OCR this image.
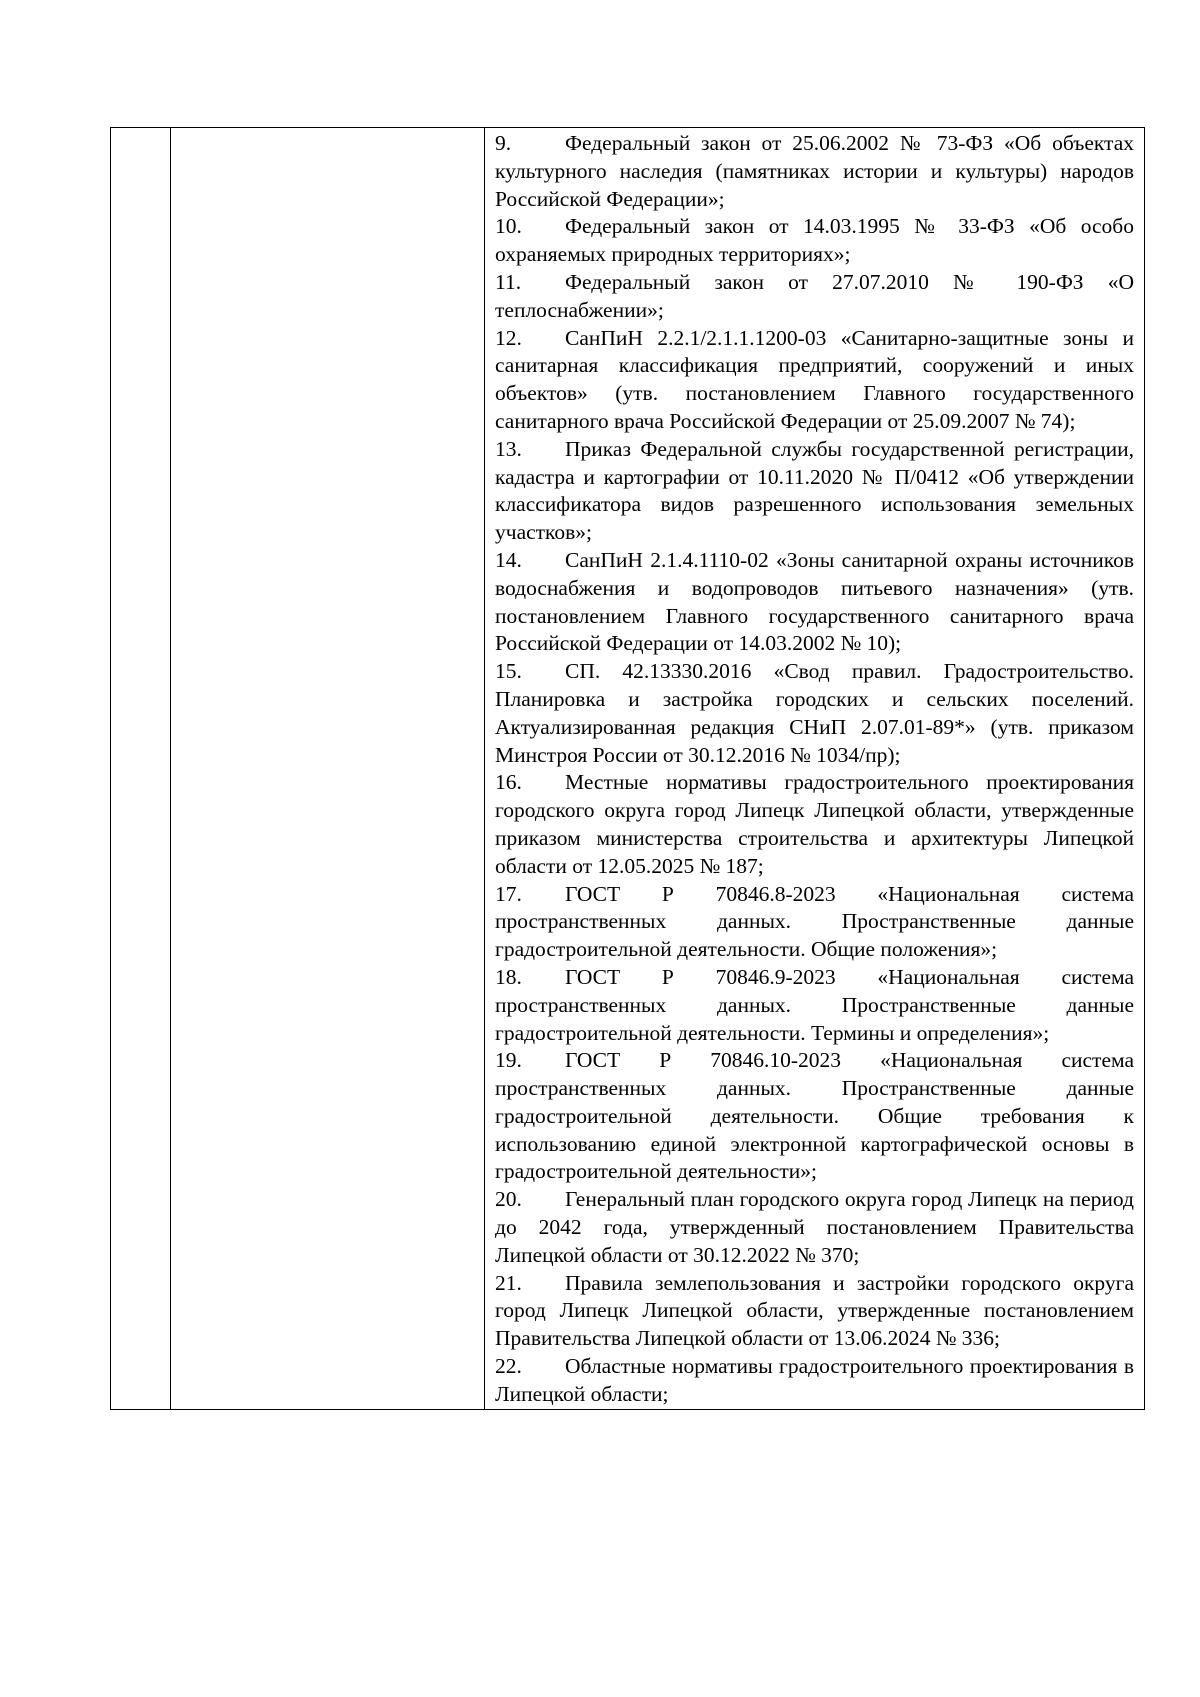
9.	Федеральный закон от 25.06.2002 № 73-ФЗ «Об объектах культурного наследия (памятниках истории и культуры) народов Российской Федерации»;

10. Федеральный закон от 14.03.1995 № 33-ФЗ «Об особо охраняемых природных территориях»;

11. Федеральный закон от 27.07.2010 № 190-ФЗ «О теплоснабжении»;

12. СанПиН 2.2.1/2.1.1.1200-03 «Санитарно-защитные зоны и санитарная классификация предприятий, сооружений и иных объектов» (утв. постановлением Главного государственного санитарного врача Российской Федерации от 25.09.2007 № 74);

13. Приказ Федеральной службы государственной регистрации, кадастра и картографии от 10.11.2020 № П/0412 «Об утверждении классификатора видов разрешенного использования земельных участков»;

14. СанПиН 2.1.4.1110-02 «Зоны санитарной охраны источников водоснабжения и водопроводов питьевого назначения» (утв. постановлением Главного государственного санитарного врача Российской Федерации от 14.03.2002 № 10);

15. СП. 42.13330.2016 «Свод правил. Градостроительство. Планировка и застройка городских и сельских поселений. Актуализированная редакция СНиП 2.07.01-89*» (утв. приказом Минстроя России от 30.12.2016 № 1034/пр);

16. Местные нормативы градостроительного проектирования городского округа город Липецк Липецкой области, утвержденные приказом министерства строительства и архитектуры Липецкой области от 12.05.2025 № 187;

17. ГОСТ Р 70846.8-2023 «Национальная система пространственных данных. Пространственные данные градостроительной деятельности. Общие положения»;

18. ГОСТ Р 70846.9-2023 «Национальная система пространственных данных. Пространственные данные градостроительной деятельности. Термины и определения»;

19. ГОСТ Р 70846.10-2023 «Национальная система пространственных данных. Пространственные данные градостроительной деятельности. Общие требования к использованию единой электронной картографической основы в градостроительной деятельности»;

20. Генеральный план городского округа город Липецк на период до 2042 года, утвержденный постановлением Правительства Липецкой области от 30.12.2022 № 370;

21. Правила землепользования и застройки городского округа город Липецк Липецкой области, утвержденные постановлением Правительства Липецкой области от 13.06.2024 № 336;

22. Областные нормативы градостроительного проектирования в Липецкой области;
